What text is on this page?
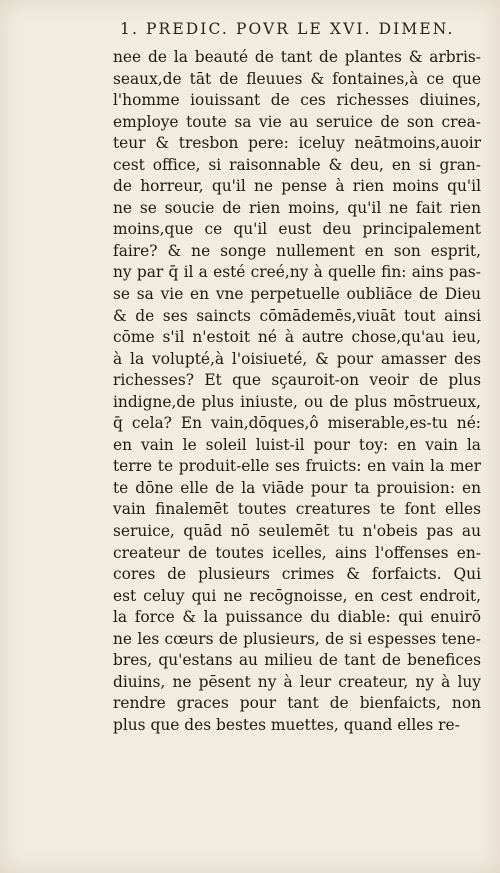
1. PREDIC. POVR LE XVI. DIMEN.
nee de la beauté de tant de plantes & arbris-
seaux,de tāt de fleuues & fontaines,à ce que
l'homme iouissant de ces richesses diuines,
employe toute sa vie au seruice de son crea-
teur & tresbon pere: iceluy neātmoins,auoir
cest office, si raisonnable & deu, en si gran-
de horreur, qu'il ne pense à rien moins qu'il
ne se soucie de rien moins, qu'il ne fait rien
moins,que ce qu'il eust deu principalement
faire? & ne songe nullement en son esprit,
ny par q̄ il a esté creé,ny à quelle fin: ains pas-
se sa vie en vne perpetuelle oubliāce de Dieu
& de ses saincts cōmādemēs,viuāt tout ainsi
cōme s'il n'estoit né à autre chose,qu'au ieu,
à la volupté,à l'oisiueté, & pour amasser des
richesses? Et que sçauroit-on veoir de plus
indigne,de plus iniuste, ou de plus mōstrueux,
q̄ cela? En vain,dōques,ô miserable,es-tu né:
en vain le soleil luist-il pour toy: en vain la
terre te produit-elle ses fruicts: en vain la mer
te dōne elle de la viāde pour ta prouision: en
vain finalemēt toutes creatures te font elles
seruice, quād nō seulemēt tu n'obeis pas au
createur de toutes icelles, ains l'offenses en-
cores de plusieurs crimes & forfaicts. Qui
est celuy qui ne recōgnoisse, en cest endroit,
la force & la puissance du diable: qui enuirō
ne les cœurs de plusieurs, de si espesses tene-
bres, qu'estans au milieu de tant de benefices
diuins, ne pēsent ny à leur createur, ny à luy
rendre graces pour tant de bienfaicts, non
plus que des bestes muettes, quand elles re-
